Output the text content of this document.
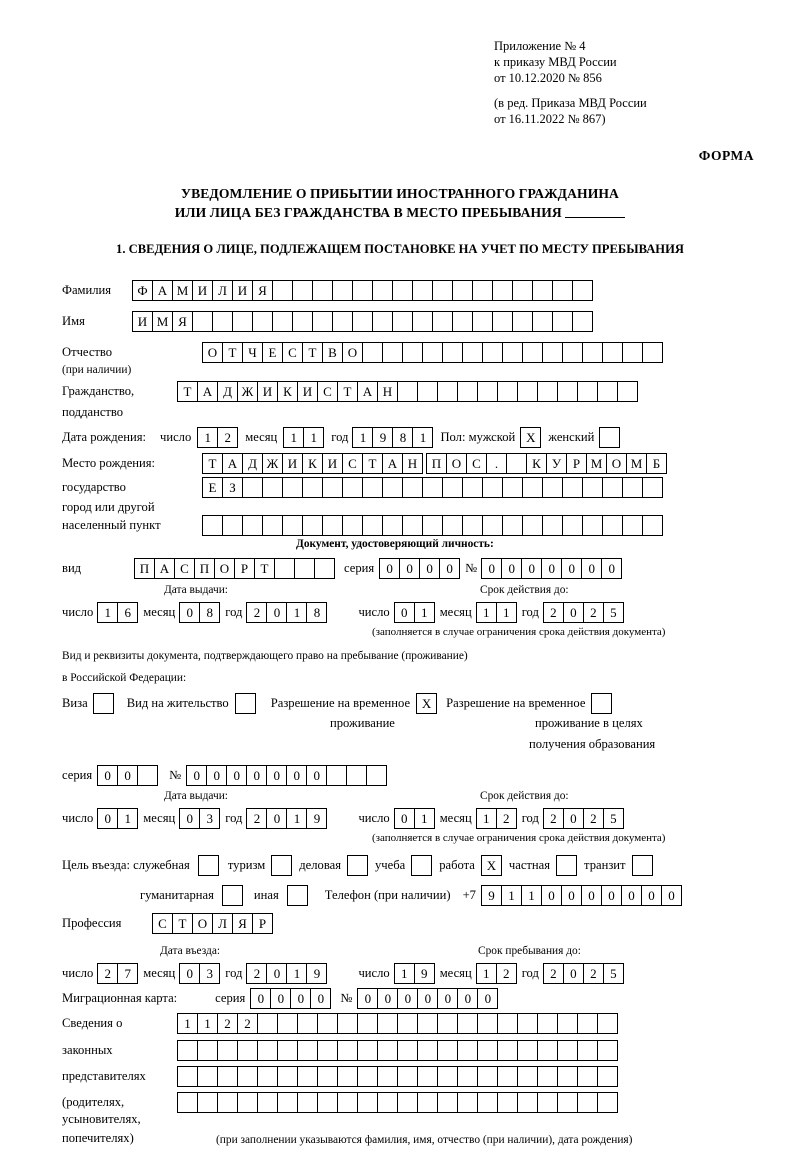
Приложение № 4
к приказу МВД России
от 10.12.2020 № 856
(в ред. Приказа МВД России
от 16.11.2022 № 867)
ФОРМА
УВЕДОМЛЕНИЕ О ПРИБЫТИИ ИНОСТРАННОГО ГРАЖДАНИНА
ИЛИ ЛИЦА БЕЗ ГРАЖДАНСТВА В МЕСТО ПРЕБЫВАНИЯ
1. СВЕДЕНИЯ О ЛИЦЕ, ПОДЛЕЖАЩЕМ ПОСТАНОВКЕ НА УЧЕТ ПО МЕСТУ ПРЕБЫВАНИЯ
Фамилия	Ф А М И Л И Я
Имя	И М Я
Отчество	О Т Ч Е С Т В О
(при наличии)
Гражданство,	Т А Д Ж И К И С Т А Н
подданство
Дата рождения: число	1	2	месяц	1	1	год 1	9	8	1	Пол: мужской X	женский
Место рождения:	Т А Д Ж И К И С Т А Н	П О С	.	К У Р М О М Б
государство	Е З
город или другой
населенный пункт
Документ, удостоверяющий личность:
вид	П А С П О Р Т	серия 0	0	0	0 № 0	0	0	0	0	0	0
Дата выдачи:	Срок действия до:
число 1	6 месяц 0	8 год 2	0	1	8	число 0	1 месяц 1	1 год 2	0	2	5
(заполняется в случае ограничения срока действия документа)
Вид и реквизиты документа, подтверждающего право на пребывание (проживание)
в Российской Федерации:
Виза	Вид на жительство	Разрешение на временное X	Разрешение на временное
проживание	проживание в целях
получения образования
серия 0	0	№ 0	0	0	0	0	0	0
Дата выдачи:	Срок действия до:
число 0	1 месяц 0	3 год 2	0	1	9	число 0	1 месяц 1	2 год 2	0	2	5
(заполняется в случае ограничения срока действия документа)
Цель въезда: служебная	туризм	деловая	учеба	работа X	частная	транзит
гуманитарная	иная	Телефон (при наличии) +7 9	1	1	0	0	0	0	0	0	0
Профессия	С Т О Л Я Р
Дата въезда:	Срок пребывания до:
число 2	7 месяц 0	3 год 2	0	1	9	число 1	9 месяц 1	2 год 2	0	2	5
Миграционная карта:	серия 0	0	0	0	№ 0	0	0	0	0	0	0
Сведения о	1	1	2	2
законных
представителях
(родителях,
усыновителях,
попечителях)	(при заполнении указываются фамилия, имя, отчество (при наличии), дата рождения)
